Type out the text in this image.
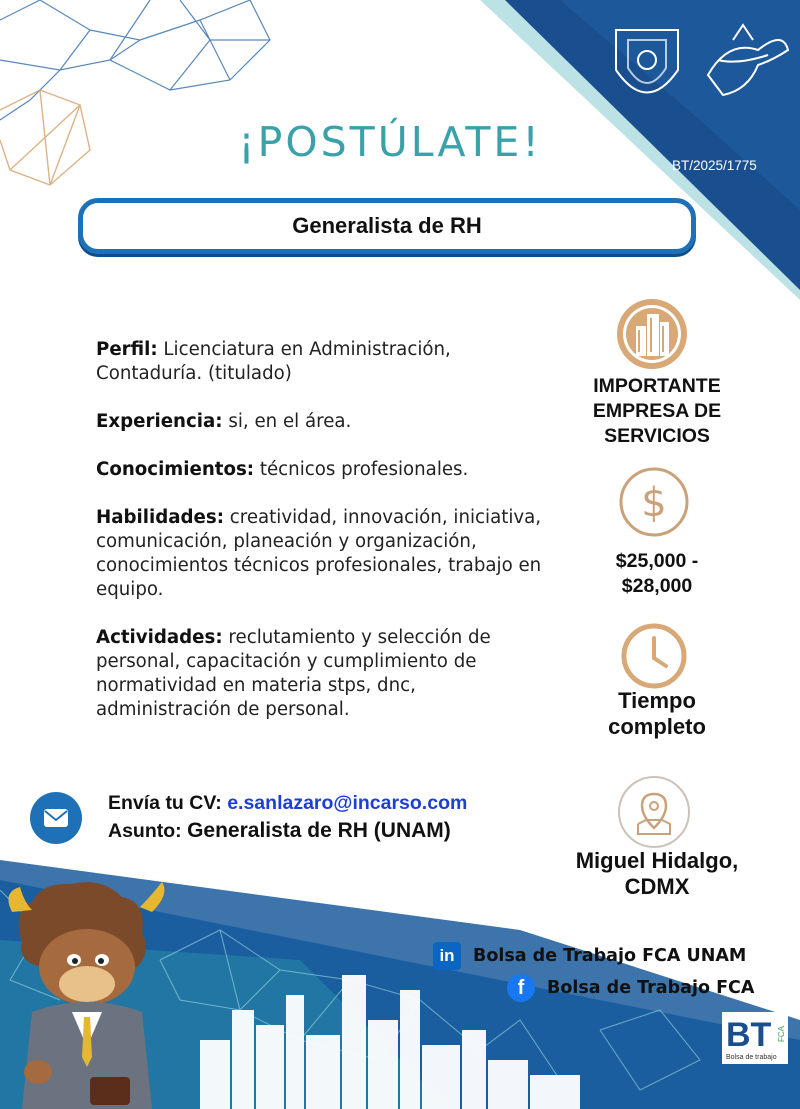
BT/2025/1775
¡POSTÚLATE!
Generalista de RH

Perfil: Licenciatura en Administración, Contaduría. (titulado)

Experiencia: si, en el área.

Conocimientos: técnicos profesionales.

Habilidades: creatividad, innovación, iniciativa, comunicación, planeación y organización, conocimientos técnicos profesionales, trabajo en equipo.

Actividades: reclutamiento y selección de personal, capacitación y cumplimiento de normatividad en materia stps, dnc, administración de personal.

IMPORTANTE
EMPRESA DE
SERVICIOS
$
$25,000 -
$28,000
Tiempo
completo
Miguel Hidalgo,
CDMX
Envía tu CV: e.sanlazaro@incarso.com
Asunto: Generalista de RH (UNAM)
in	Bolsa de Trabajo FCA UNAM
f	Bolsa de Trabajo FCA
BT FCA
Bolsa de trabajo
